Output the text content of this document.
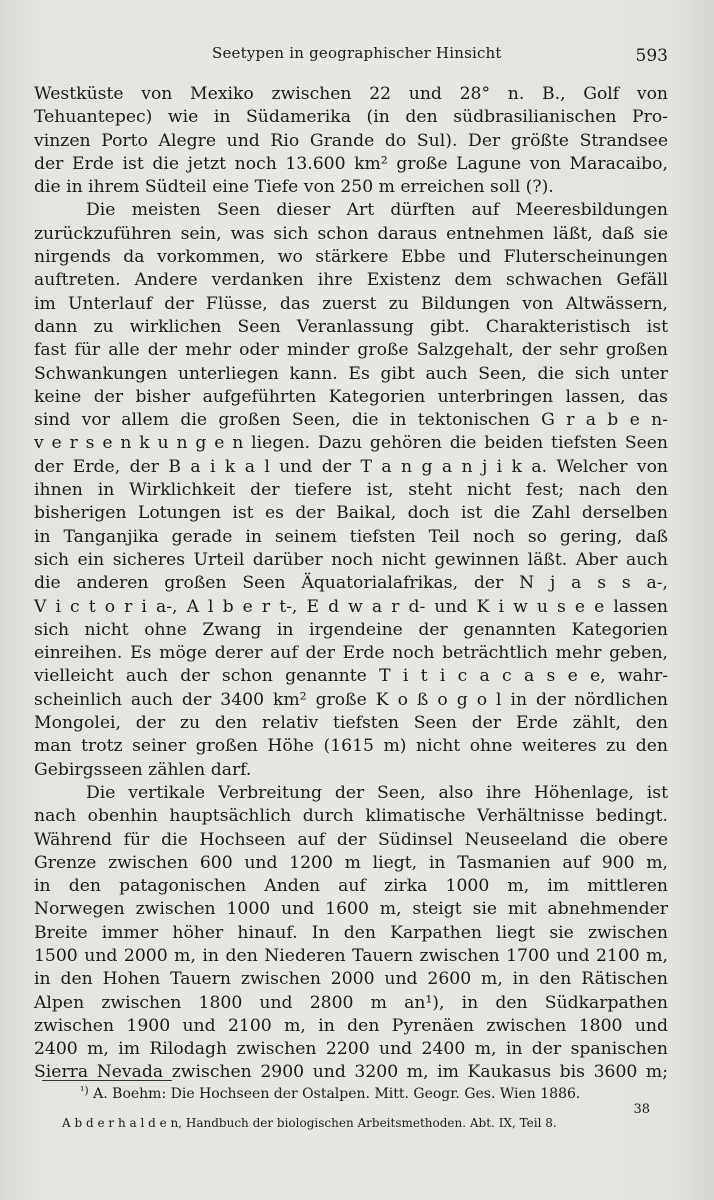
Seetypen in geographischer Hinsicht	593
Westküste von Mexiko zwischen 22 und 28° n. B., Golf von
Tehuantepec) wie in Südamerika (in den südbrasilianischen Pro-
vinzen Porto Alegre und Rio Grande do Sul). Der größte Strandsee
der Erde ist die jetzt noch 13.600 km² große Lagune von Maracaibo,
die in ihrem Südteil eine Tiefe von 250 m erreichen soll (?).
Die meisten Seen dieser Art dürften auf Meeresbildungen
zurückzuführen sein, was sich schon daraus entnehmen läßt, daß sie
nirgends da vorkommen, wo stärkere Ebbe und Fluterscheinungen
auftreten. Andere verdanken ihre Existenz dem schwachen Gefäll
im Unterlauf der Flüsse, das zuerst zu Bildungen von Altwässern,
dann zu wirklichen Seen Veranlassung gibt. Charakteristisch ist
fast für alle der mehr oder minder große Salzgehalt, der sehr großen
Schwankungen unterliegen kann. Es gibt auch Seen, die sich unter
keine der bisher aufgeführten Kategorien unterbringen lassen, das
sind vor allem die großen Seen, die in tektonischen G r a b e n-
v e r s e n k u n g e n liegen. Dazu gehören die beiden tiefsten Seen
der Erde, der B a i k a l und der T a n g a n j i k a. Welcher von
ihnen in Wirklichkeit der tiefere ist, steht nicht fest; nach den
bisherigen Lotungen ist es der Baikal, doch ist die Zahl derselben
in Tanganjika gerade in seinem tiefsten Teil noch so gering, daß
sich ein sicheres Urteil darüber noch nicht gewinnen läßt. Aber auch
die anderen großen Seen Äquatorialafrikas, der N j a s s a-,
V i c t o r i a-, A l b e r t-, E d w a r d- und K i w u s e e lassen
sich nicht ohne Zwang in irgendeine der genannten Kategorien
einreihen. Es möge derer auf der Erde noch beträchtlich mehr geben,
vielleicht auch der schon genannte T i t i c a c a s e e, wahr-
scheinlich auch der 3400 km² große K o ß o g o l in der nördlichen
Mongolei, der zu den relativ tiefsten Seen der Erde zählt, den
man trotz seiner großen Höhe (1615 m) nicht ohne weiteres zu den
Gebirgsseen zählen darf.
Die vertikale Verbreitung der Seen, also ihre Höhenlage, ist
nach obenhin hauptsächlich durch klimatische Verhältnisse bedingt.
Während für die Hochseen auf der Südinsel Neuseeland die obere
Grenze zwischen 600 und 1200 m liegt, in Tasmanien auf 900 m,
in den patagonischen Anden auf zirka 1000 m, im mittleren
Norwegen zwischen 1000 und 1600 m, steigt sie mit abnehmender
Breite immer höher hinauf. In den Karpathen liegt sie zwischen
1500 und 2000 m, in den Niederen Tauern zwischen 1700 und 2100 m,
in den Hohen Tauern zwischen 2000 und 2600 m, in den Rätischen
Alpen zwischen 1800 und 2800 m an¹), in den Südkarpathen
zwischen 1900 und 2100 m, in den Pyrenäen zwischen 1800 und
2400 m, im Rilodagh zwischen 2200 und 2400 m, in der spanischen
Sierra Nevada zwischen 2900 und 3200 m, im Kaukasus bis 3600 m;
$^{^1)}$ A. Boehm: Die Hochseen der Ostalpen. Mitt. Geogr. Ges. Wien 1886.
A b d e r h a l d e n, Handbuch der biologischen Arbeitsmethoden. Abt. IX, Teil 8.
38
